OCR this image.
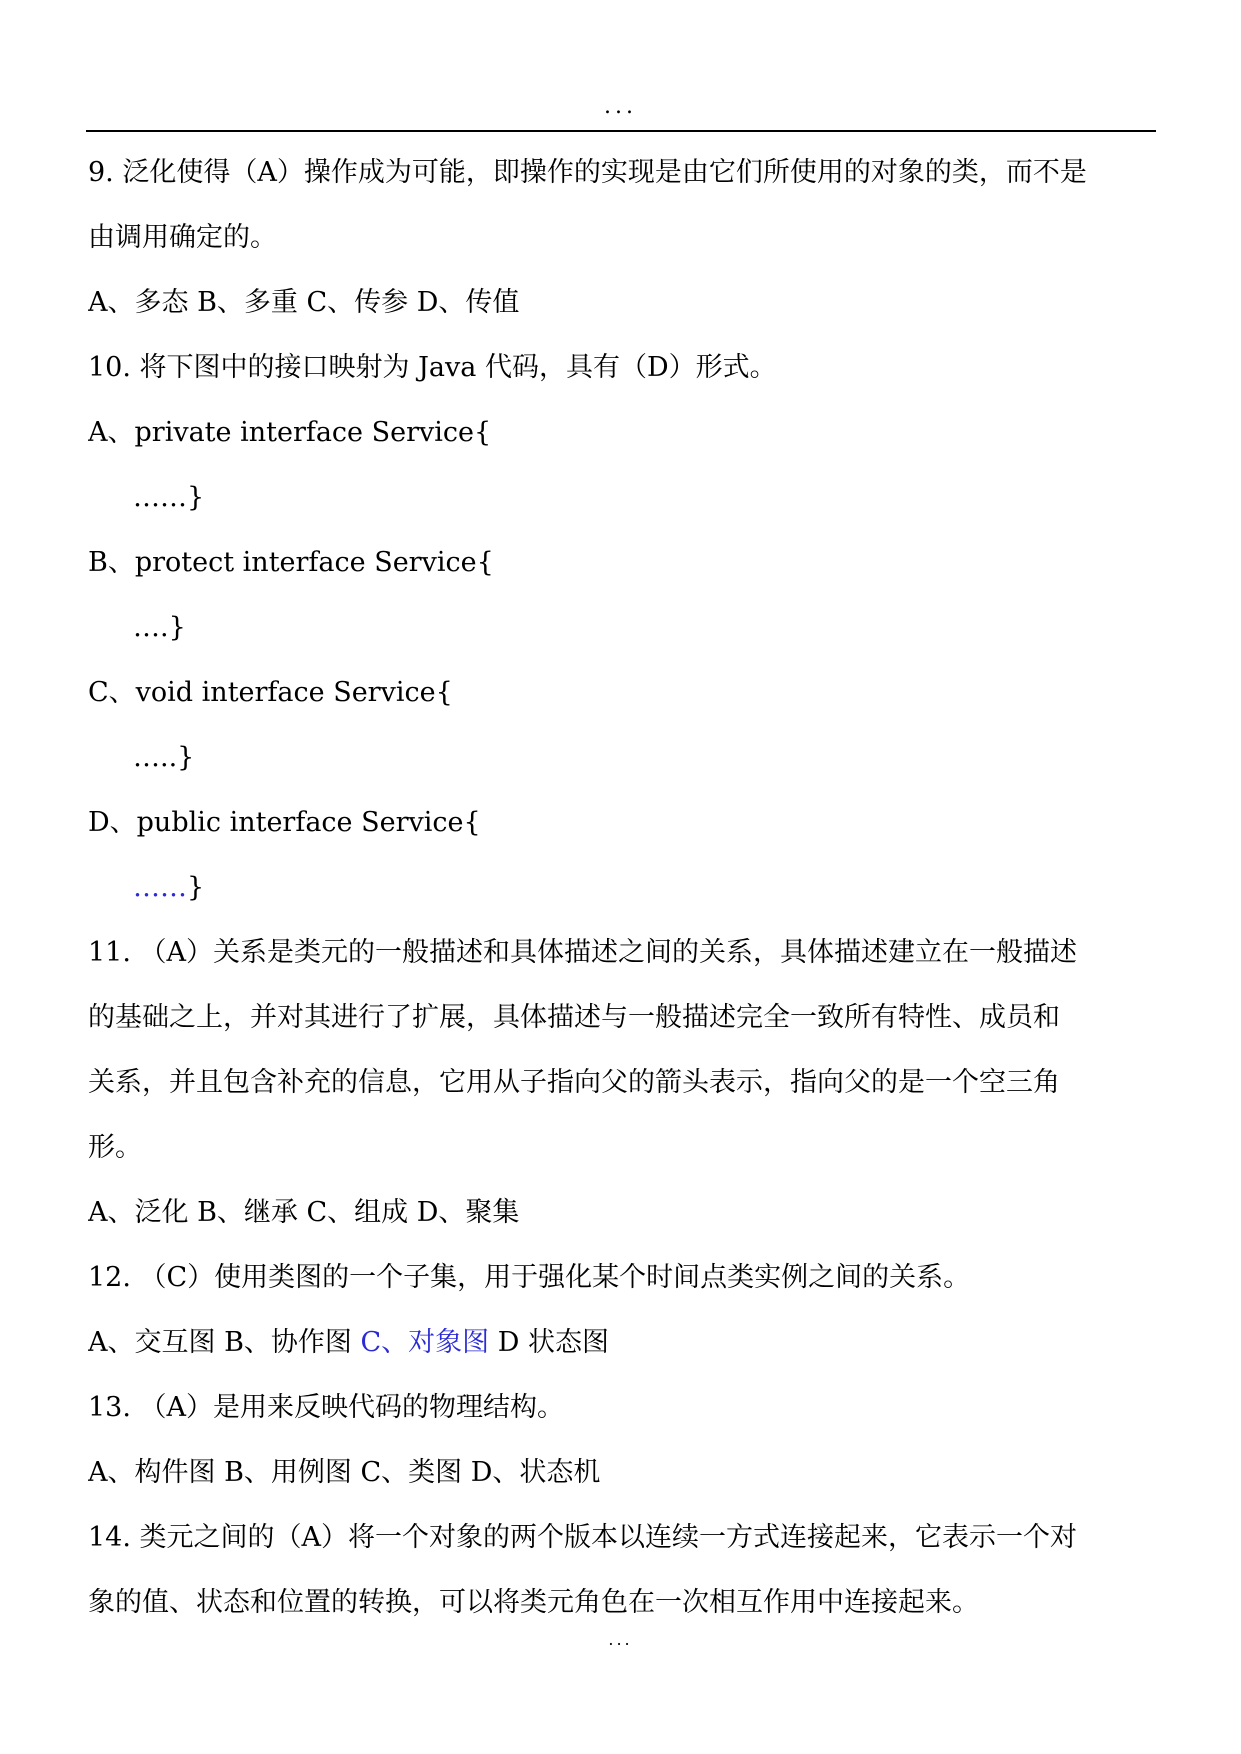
...
9. 泛化使得（A）操作成为可能，即操作的实现是由它们所使用的对象的类，而不是
由调用确定的。
A、多态 B、多重 C、传参 D、传值
10. 将下图中的接口映射为 Java 代码，具有（D）形式。
A、private interface Service{
……}
B、protect interface Service{
….}
C、void interface Service{
…..}
D、public interface Service{
……}
11. （A）关系是类元的一般描述和具体描述之间的关系，具体描述建立在一般描述
的基础之上，并对其进行了扩展，具体描述与一般描述完全一致所有特性、成员和
关系，并且包含补充的信息，它用从子指向父的箭头表示，指向父的是一个空三角
形。
A、泛化 B、继承 C、组成 D、聚集
12. （C）使用类图的一个子集，用于强化某个时间点类实例之间的关系。
A、交互图 B、协作图 C、对象图 D 状态图
13. （A）是用来反映代码的物理结构。
A、构件图 B、用例图 C、类图 D、状态机
14. 类元之间的（A）将一个对象的两个版本以连续一方式连接起来，它表示一个对
象的值、状态和位置的转换，可以将类元角色在一次相互作用中连接起来。
...
